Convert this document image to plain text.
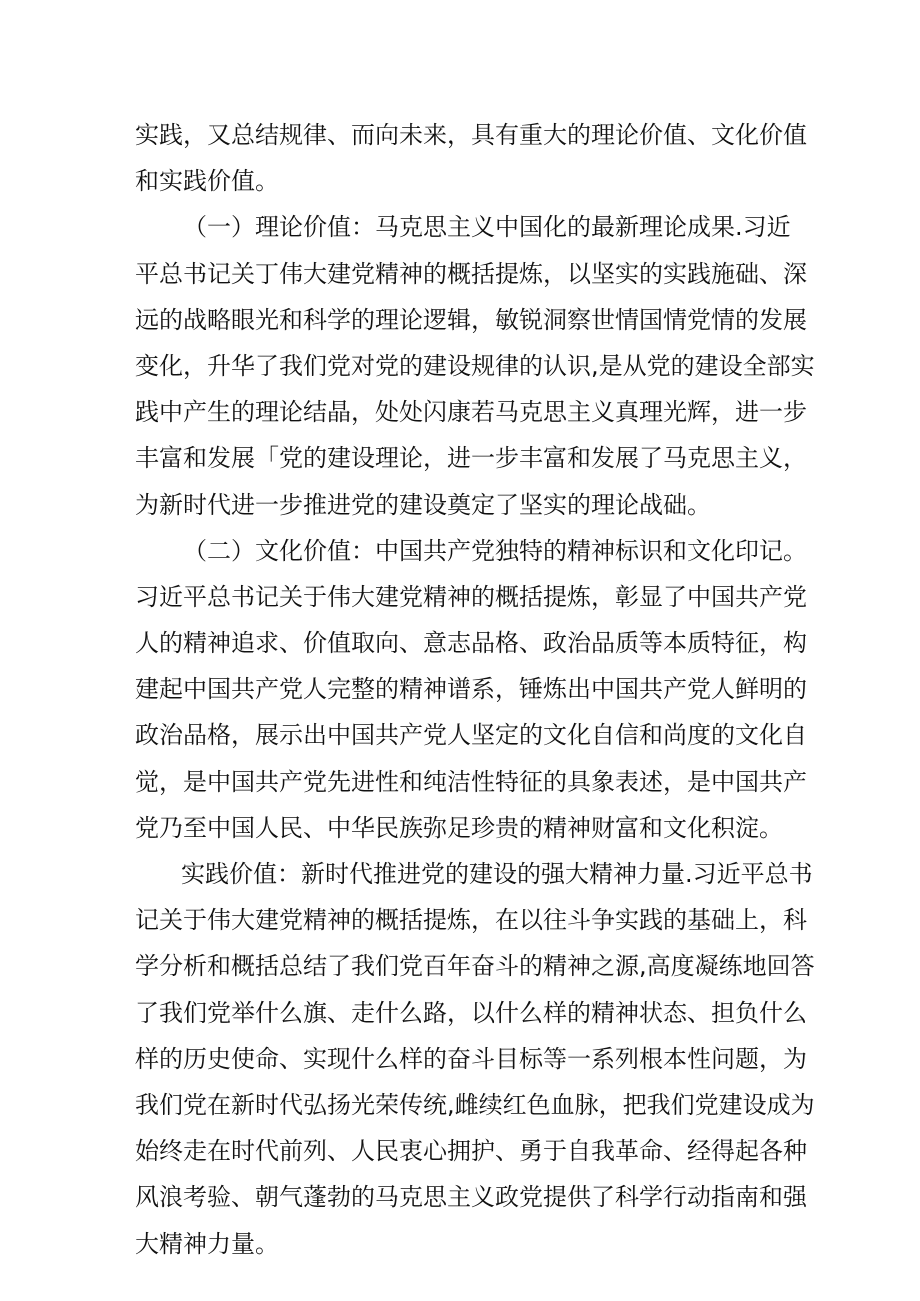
实践，又总结规律、而向未来，具有重大的理论价值、文化价值
和实践价值。
（一）理论价值：马克思主义中国化的最新理论成果.习近
平总书记关丁伟大建党精神的概括提炼，以坚实的实践施础、深
远的战略眼光和科学的理论逻辑，敏锐洞察世情国情党情的发展
变化，升华了我们党对党的建设规律的认识,是从党的建设全部实
践中产生的理论结晶，处处闪康若马克思主义真理光辉，进一步
丰富和发展「党的建设理论，进一步丰富和发展了马克思主义，
为新时代进一步推进党的建设奠定了坚实的理论战础。
（二）文化价值：中国共产党独特的精神标识和文化印记。
习近平总书记关于伟大建党精神的概括提炼，彰显了中国共产党
人的精神追求、价值取向、意志品格、政治品质等本质特征，构
建起中国共产党人完整的精神谱系，锤炼出中国共产党人鲜明的
政治品格，展示出中国共产党人坚定的文化自信和尚度的文化自
觉，是中国共产党先进性和纯洁性特征的具象表述，是中国共产
党乃至中国人民、中华民族弥足珍贵的精神财富和文化积淀。
实践价值：新时代推进党的建设的强大精神力量.习近平总书
记关于伟大建党精神的概括提炼，在以往斗争实践的基础上，科
学分析和概括总结了我们党百年奋斗的精神之源,高度凝练地回答
了我们党举什么旗、走什么路，以什么样的精神状态、担负什么
样的历史使命、实现什么样的奋斗目标等一系列根本性问题，为
我们党在新时代弘扬光荣传统,雌续红色血脉，把我们党建设成为
始终走在时代前列、人民衷心拥护、勇于自我革命、经得起各种
风浪考验、朝气蓬勃的马克思主义政党提供了科学行动指南和强
大精神力量。
